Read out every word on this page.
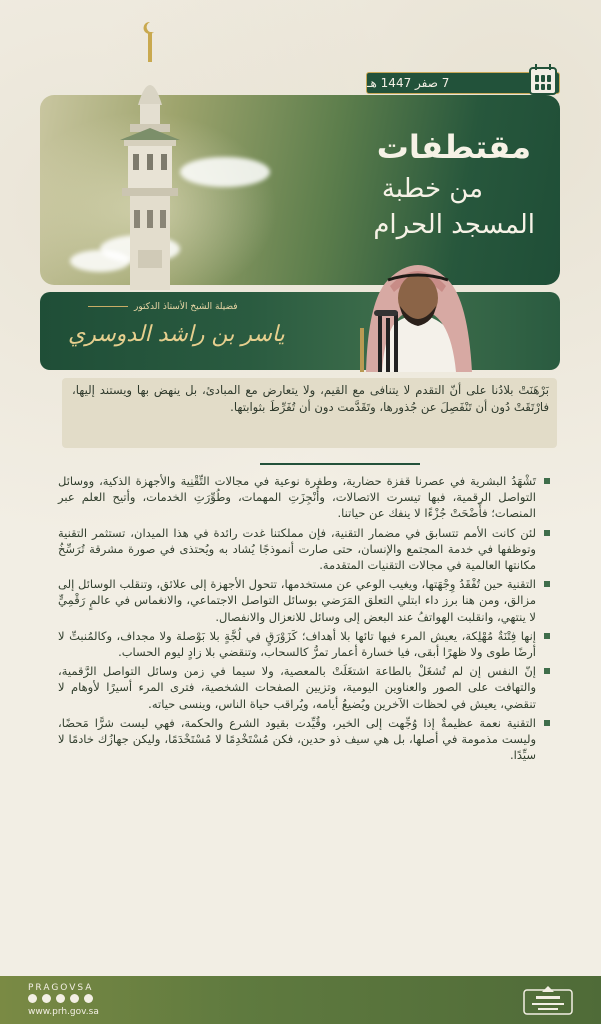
7 صفر 1447 هـ
مقتطفات
من خطبة
المسجد الحرام
فضيلة الشيخ الأستاذ الدكتور
ياسر بن راشد الدوسري
بَرْهَنَتْ بلادُنا على أنّ التقدم لا يتنافى مع القيم، ولا يتعارض مع المبادئ، بل ينهض بها ويستند إليها، فارْتَقَتْ دُون أن تَنْفَصِلَ عن جُذورها، وتَقَدَّمت دون أن تُفَرِّطَ بثوابتها.
تَشْهَدُ البشرية في عصرنا قفزة حضارية، وطفرة نوعية في مجالات التِّقْنِية والأجهزة الذكية، ووسائل التواصل الرقمية، فبها تيسرت الاتصالات، وأُنْجِزَتِ المهمات، وطُوِّرَتِ الخدمات، وأتيح العلم عبر المنصات؛ فأَضْحَتْ جُزْءًا لا ينفك عن حياتنا.
لئن كانت الأمم تتسابق في مضمار التقنية، فإن مملكتنا غدت رائدة في هذا الميدان، تستثمر التقنية وتوظفها في خدمة المجتمع والإنسان، حتى صارت أنموذجًا يُشاد به ويُحتذى في صورة مشرقة تُرَسِّخُ مكانتها العالمية في مجالات التقنيات المتقدمة.
التقنية حين تُفْقَدُ وِجْهَتها، ويغيب الوعي عن مستخدمها، تتحول الأجهزة إلى علائق، وتنقلب الوسائل إلى مزالق، ومن هنا برز داء ابتلي التعلق المَرَضي بوسائل التواصل الاجتماعي، والانغماس في عالمٍ رَقْمِيٍّ لا ينتهي، وانقلبت الهواتفُ عند البعض إلى وسائل للانعزال والانفصال.
إنها فِتْنَةٌ مُهْلِكة، يعيش المرء فيها تائها بلا أهداف؛ كَزَوْرَقٍ في لُجَّةٍ بلا بَوْصلة ولا مجداف، وكالمُنبتِّ لا أرضًا طوى ولا ظهرًا أبقى، فيا خسارة أعمار تمرُّ كالسحاب، وتنقضي بلا زادٍ ليوم الحساب.
إنّ النفس إن لم تُشغَلْ بالطاعة اشتغَلَتْ بالمعصية، ولا سيما في زمن وسائل التواصل الرَّقمية، والتهافت على الصور والعناوين اليومية، وتزيين الصفحات الشخصية، فترى المرء أسيرًا لأوهام لا تنقضي، يعيش في لحظات الآخرين ويُضيعُ أيامه، ويُراقب حياة الناس، وينسى حياته.
التقنية نعمة عظيمةٌ إذا وُجِّهت إلى الخير، وقُيِّدت بقيود الشرع والحكمة، فهي ليست شرًّا مَحضًا، وليست مذمومة في أصلها، بل هي سيف ذو حدين، فكن مُسْتَخْدِمًا لا مُسْتَخْدَمًا، وليكن جهازُك خادمًا لا سيِّدًا.
PRAGOVSA
www.prh.gov.sa
